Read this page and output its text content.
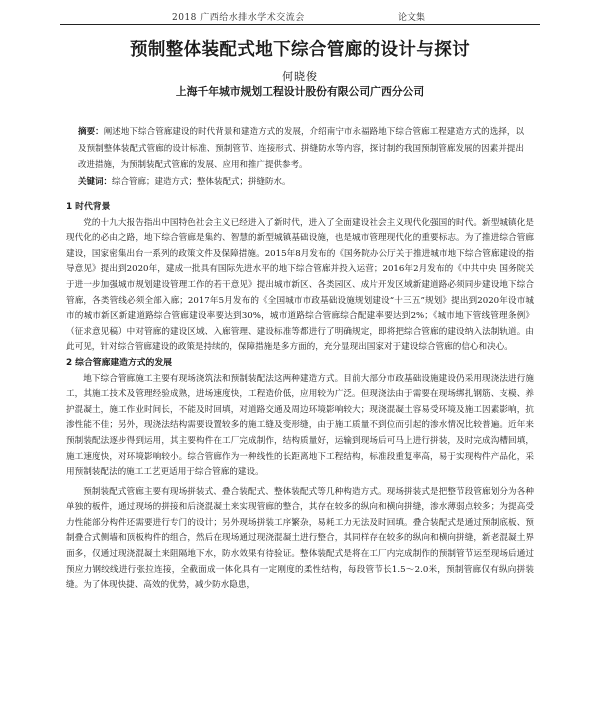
2018 广西给水排水学术交流会	论文集
预制整体装配式地下综合管廊的设计与探讨
何晓俊
上海千年城市规划工程设计股份有限公司广西分公司
摘要：阐述地下综合管廊建设的时代背景和建造方式的发展，介绍南宁市永福路地下综合管廊工程建造方式的选择，以及预制整体装配式管廊的设计标准、预制管节、连接形式、拼缝防水等内容，探讨制约我国预制管廊发展的因素并提出改进措施，为预制装配式管廊的发展、应用和推广提供参考。
关键词：综合管廊；建造方式；整体装配式；拼缝防水。

1 时代背景

党的十九大报告指出中国特色社会主义已经进入了新时代，进入了全面建设社会主义现代化强国的时代。新型城镇化是现代化的必由之路，地下综合管廊是集约、智慧的新型城镇基础设施，也是城市管理现代化的重要标志。为了推进综合管廊建设，国家密集出台一系列的政策文件及保障措施。2015年8月发布的《国务院办公厅关于推进城市地下综合管廊建设的指导意见》提出到2020年，建成一批具有国际先进水平的地下综合管廊并投入运营；2016年2月发布的《中共中央 国务院关于进一步加强城市规划建设管理工作的若干意见》提出城市新区、各类园区、成片开发区域新建道路必须同步建设地下综合管廊，各类管线必须全部入廊；2017年5月发布的《全国城市市政基础设施规划建设“十三五”规划》提出到2020年设市城市的城市新区新建道路综合管廊建设率要达到30%，城市道路综合管廊综合配建率要达到2%；《城市地下管线管理条例》（征求意见稿）中对管廊的建设区域、入廊管理、建设标准等都进行了明确规定，即将把综合管廊的建设纳入法制轨道。由此可见，针对综合管廊建设的政策是持续的，保障措施是多方面的，充分显现出国家对于建设综合管廊的信心和决心。

2 综合管廊建造方式的发展

地下综合管廊施工主要有现场浇筑法和预制装配法这两种建造方式。目前大部分市政基础设施建设仍采用现浇法进行施工，其施工技术及管理经验成熟，进场速度快，工程造价低，应用较为广泛。但现浇法由于需要在现场绑扎钢筋、支模、养护混凝土，施工作业时间长，不能及时回填，对道路交通及周边环境影响较大；现浇混凝土容易受环境及施工因素影响，抗渗性能不佳；另外，现浇法结构需要设置较多的施工缝及变形缝，由于施工质量不到位而引起的渗水情况比较普遍。近年来预制装配法逐步得到运用，其主要构件在工厂完成制作，结构质量好，运输到现场后可马上进行拼装，及时完成沟槽回填，施工速度快，对环境影响较小。综合管廊作为一种线性的长距离地下工程结构，标准段重复率高，易于实现构件产品化，采用预制装配法的施工工艺更适用于综合管廊的建设。

预制装配式管廊主要有现场拼装式、叠合装配式、整体装配式等几种构造方式。现场拼装式是把整节段管廊划分为各种单独的板件，通过现场的拼接和后浇混凝土来实现管廊的整合，其存在较多的纵向和横向拼缝，渗水薄弱点较多；为提高受力性能部分构件还需要进行专门的设计；另外现场拼装工序繁杂，易耗工力无法及时回填。叠合装配式是通过预制底板、预制叠合式侧墙和顶板构件的组合，然后在现场通过现浇混凝土进行整合，其同样存在较多的纵向和横向拼缝，新老混凝土界面多，仅通过现浇混凝土来阻隔地下水，防水效果有待验证。整体装配式是将在工厂内完成制作的预制管节运至现场后通过预应力钢绞线进行张拉连接，全截面成一体化具有一定刚度的柔性结构，每段管节长1.5～2.0米，预制管廊仅有纵向拼装缝。为了体现快捷、高效的优势，减少防水隐患，
